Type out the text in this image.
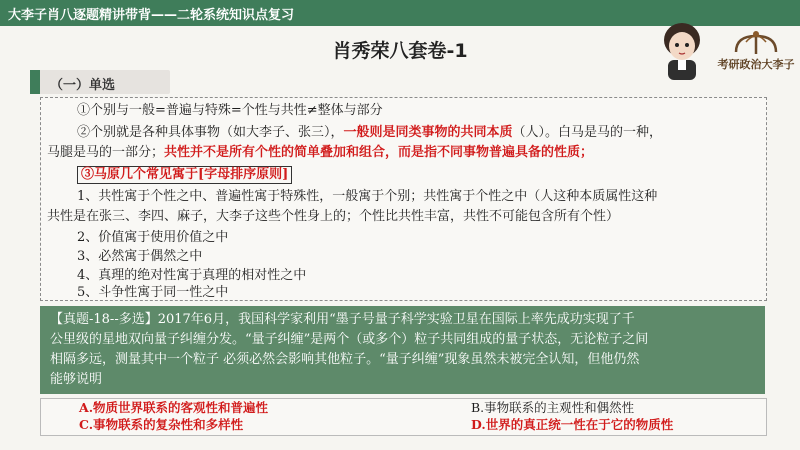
大李子肖八逐题精讲带背——二轮系统知识点复习
肖秀荣八套卷-1
考研政治大李子
（一）单选
①个别与一般=普遍与特殊=个性与共性≠整体与部分
②个别就是各种具体事物（如大李子、张三），一般则是同类事物的共同本质（人）。白马是马的一种，
马腿是马的一部分；共性并不是所有个性的简单叠加和组合，而是指不同事物普遍具备的性质；
③马原几个常见寓于[字母排序原则]
1、共性寓于个性之中、普遍性寓于特殊性，一般寓于个别；共性寓于个性之中（人这种本质属性这种
共性是在张三、李四、麻子，大李子这些个性身上的；个性比共性丰富，共性不可能包含所有个性）
2、价值寓于使用价值之中
3、必然寓于偶然之中
4、真理的绝对性寓于真理的相对性之中
5、斗争性寓于同一性之中
【真题-18--多选】2017年6月，我国科学家利用“墨子号量子科学实验卫星在国际上率先成功实现了千
公里级的星地双向量子纠缠分发。“量子纠缠”是两个（或多个）粒子共同组成的量子状态，无论粒子之间
相隔多远，测量其中一个粒子 必须必然会影响其他粒子。“量子纠缠”现象虽然未被完全认知，但他仍然
能够说明
A.物质世界联系的客观性和普遍性	B.事物联系的主观性和偶然性
C.事物联系的复杂性和多样性	D.世界的真正统一性在于它的物质性
